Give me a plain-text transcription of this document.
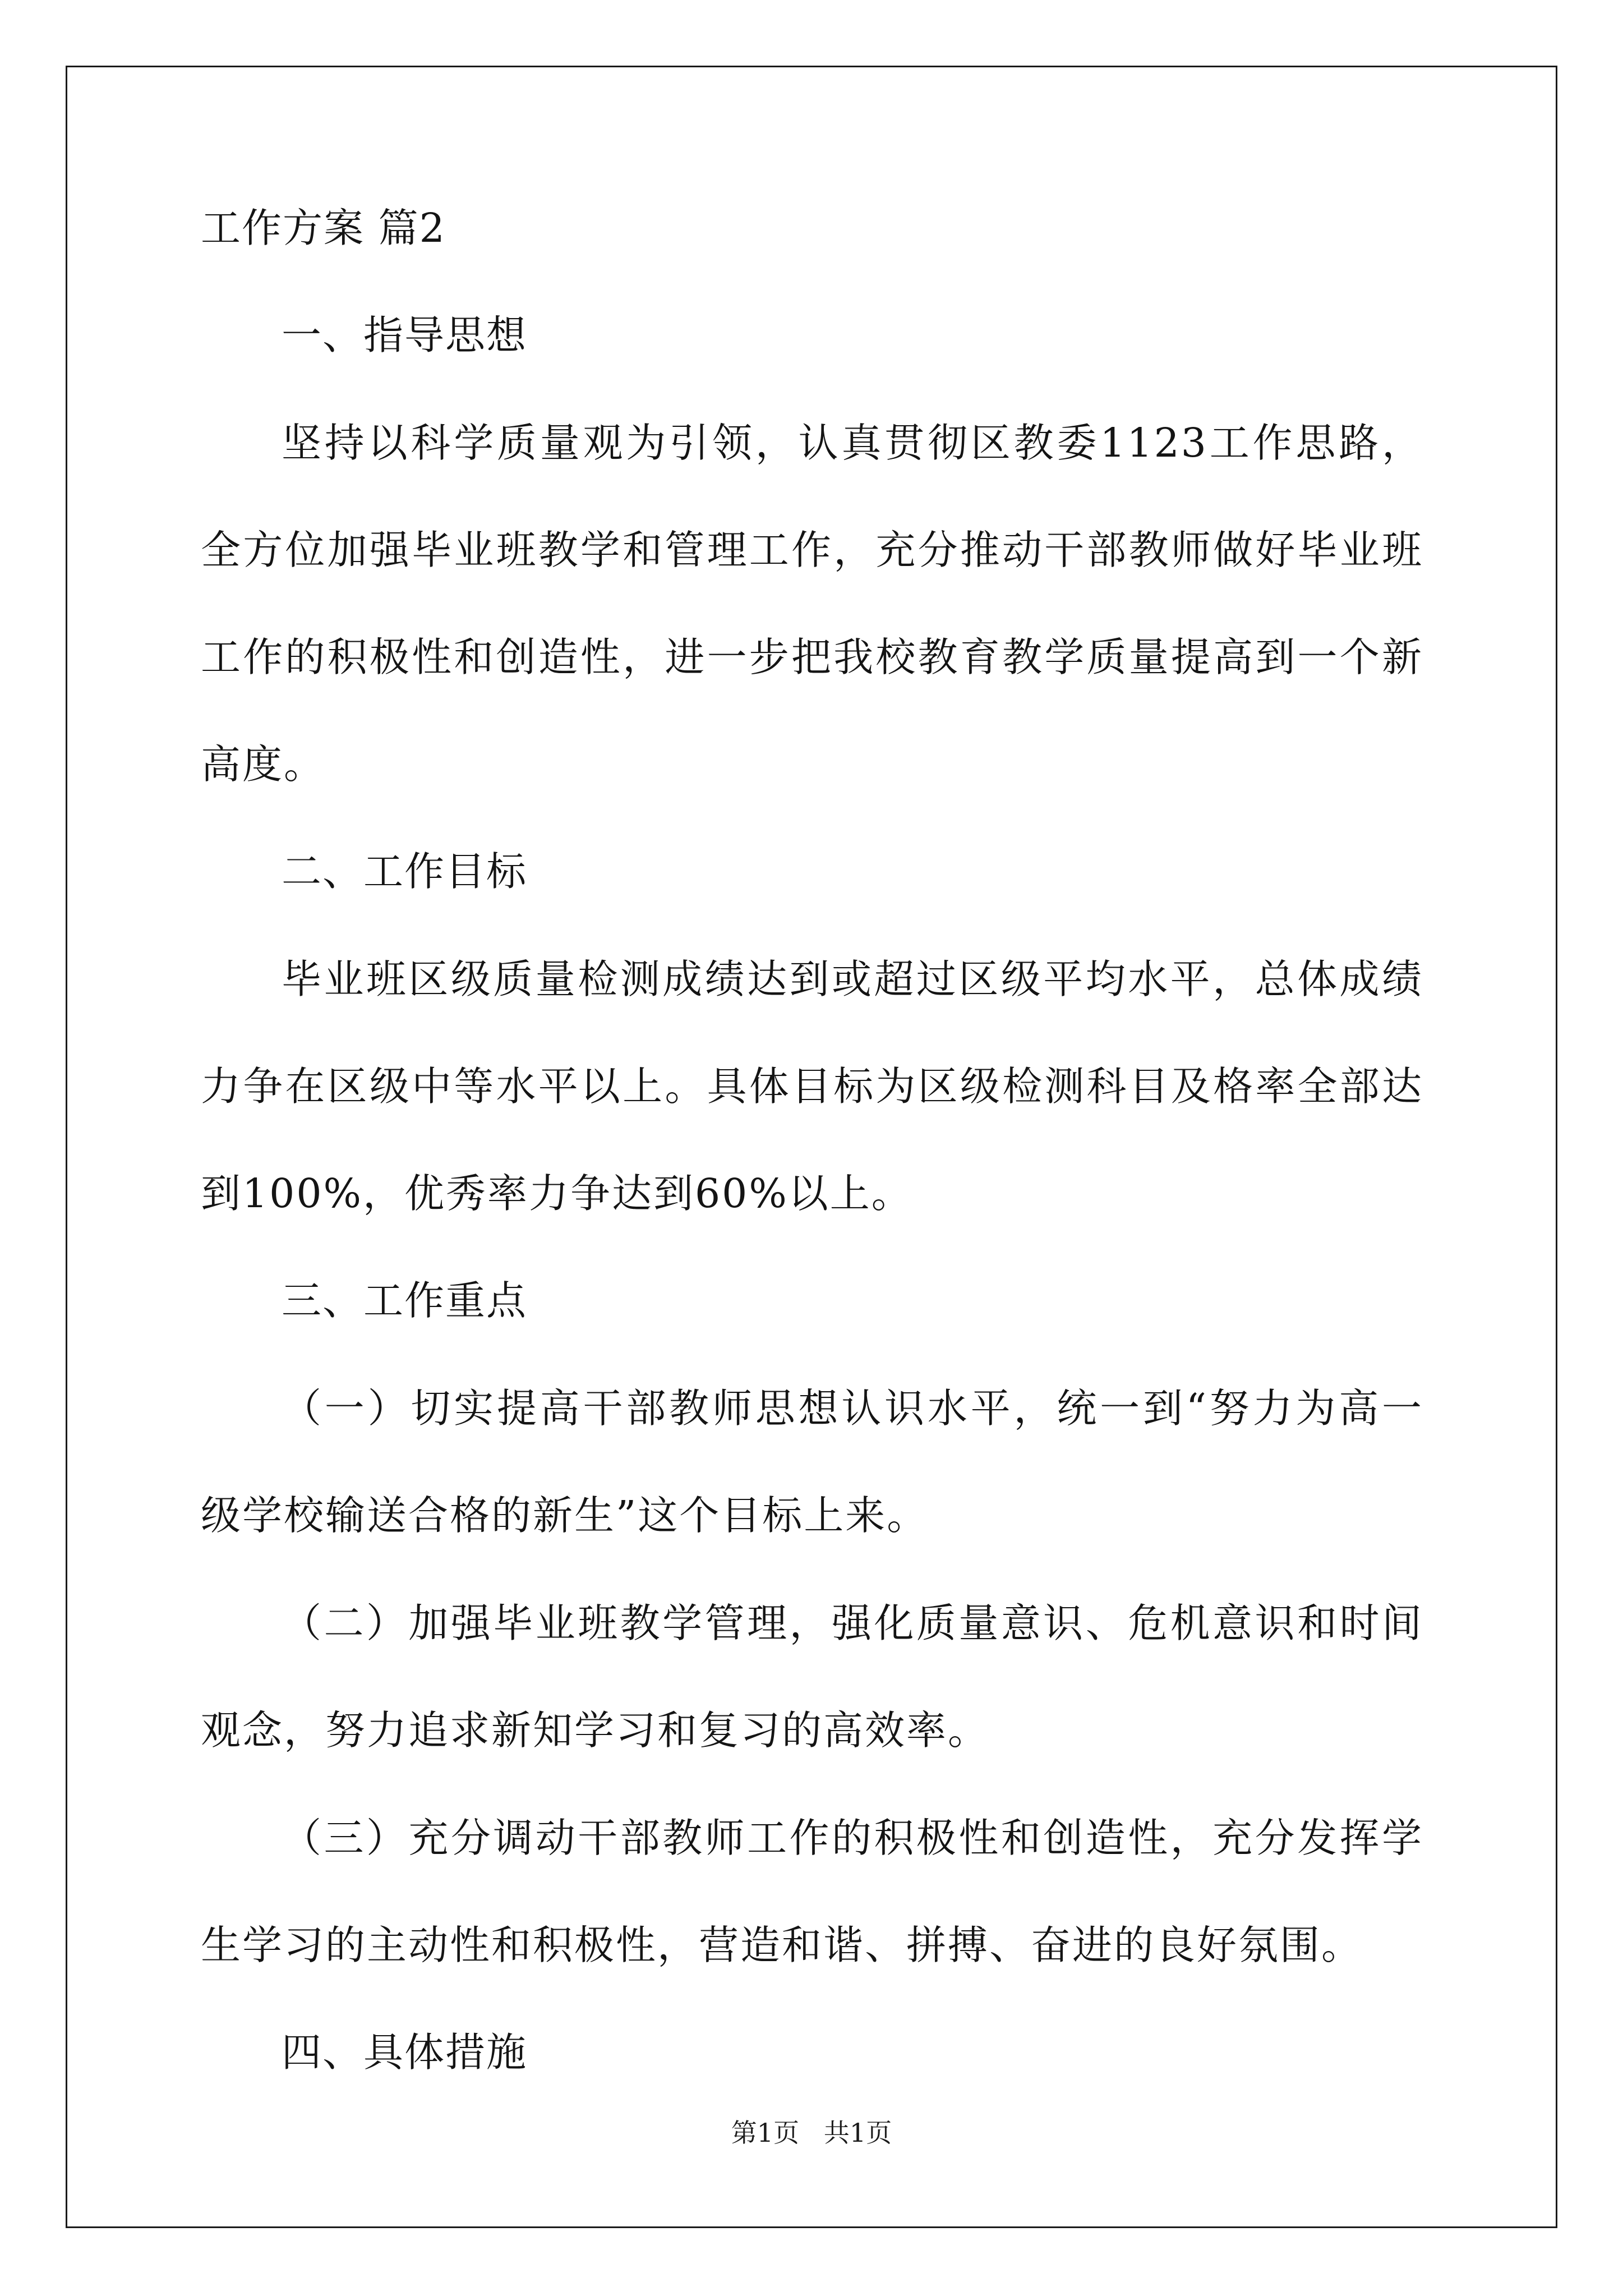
工作方案 篇2
一、指导思想

坚持以科学质量观为引领，认真贯彻区教委1123工作思路，全方位加强毕业班教学和管理工作，充分推动干部教师做好毕业班工作的积极性和创造性，进一步把我校教育教学质量提高到一个新高度。

二、工作目标

毕业班区级质量检测成绩达到或超过区级平均水平，总体成绩力争在区级中等水平以上。具体目标为区级检测科目及格率全部达到100%，优秀率力争达到60%以上。

三、工作重点

（一）切实提高干部教师思想认识水平，统一到“努力为高一级学校输送合格的新生”这个目标上来。

（二）加强毕业班教学管理，强化质量意识、危机意识和时间观念，努力追求新知学习和复习的高效率。

（三）充分调动干部教师工作的积极性和创造性，充分发挥学生学习的主动性和积极性，营造和谐、拼搏、奋进的良好氛围。

四、具体措施
第1页   共1页
